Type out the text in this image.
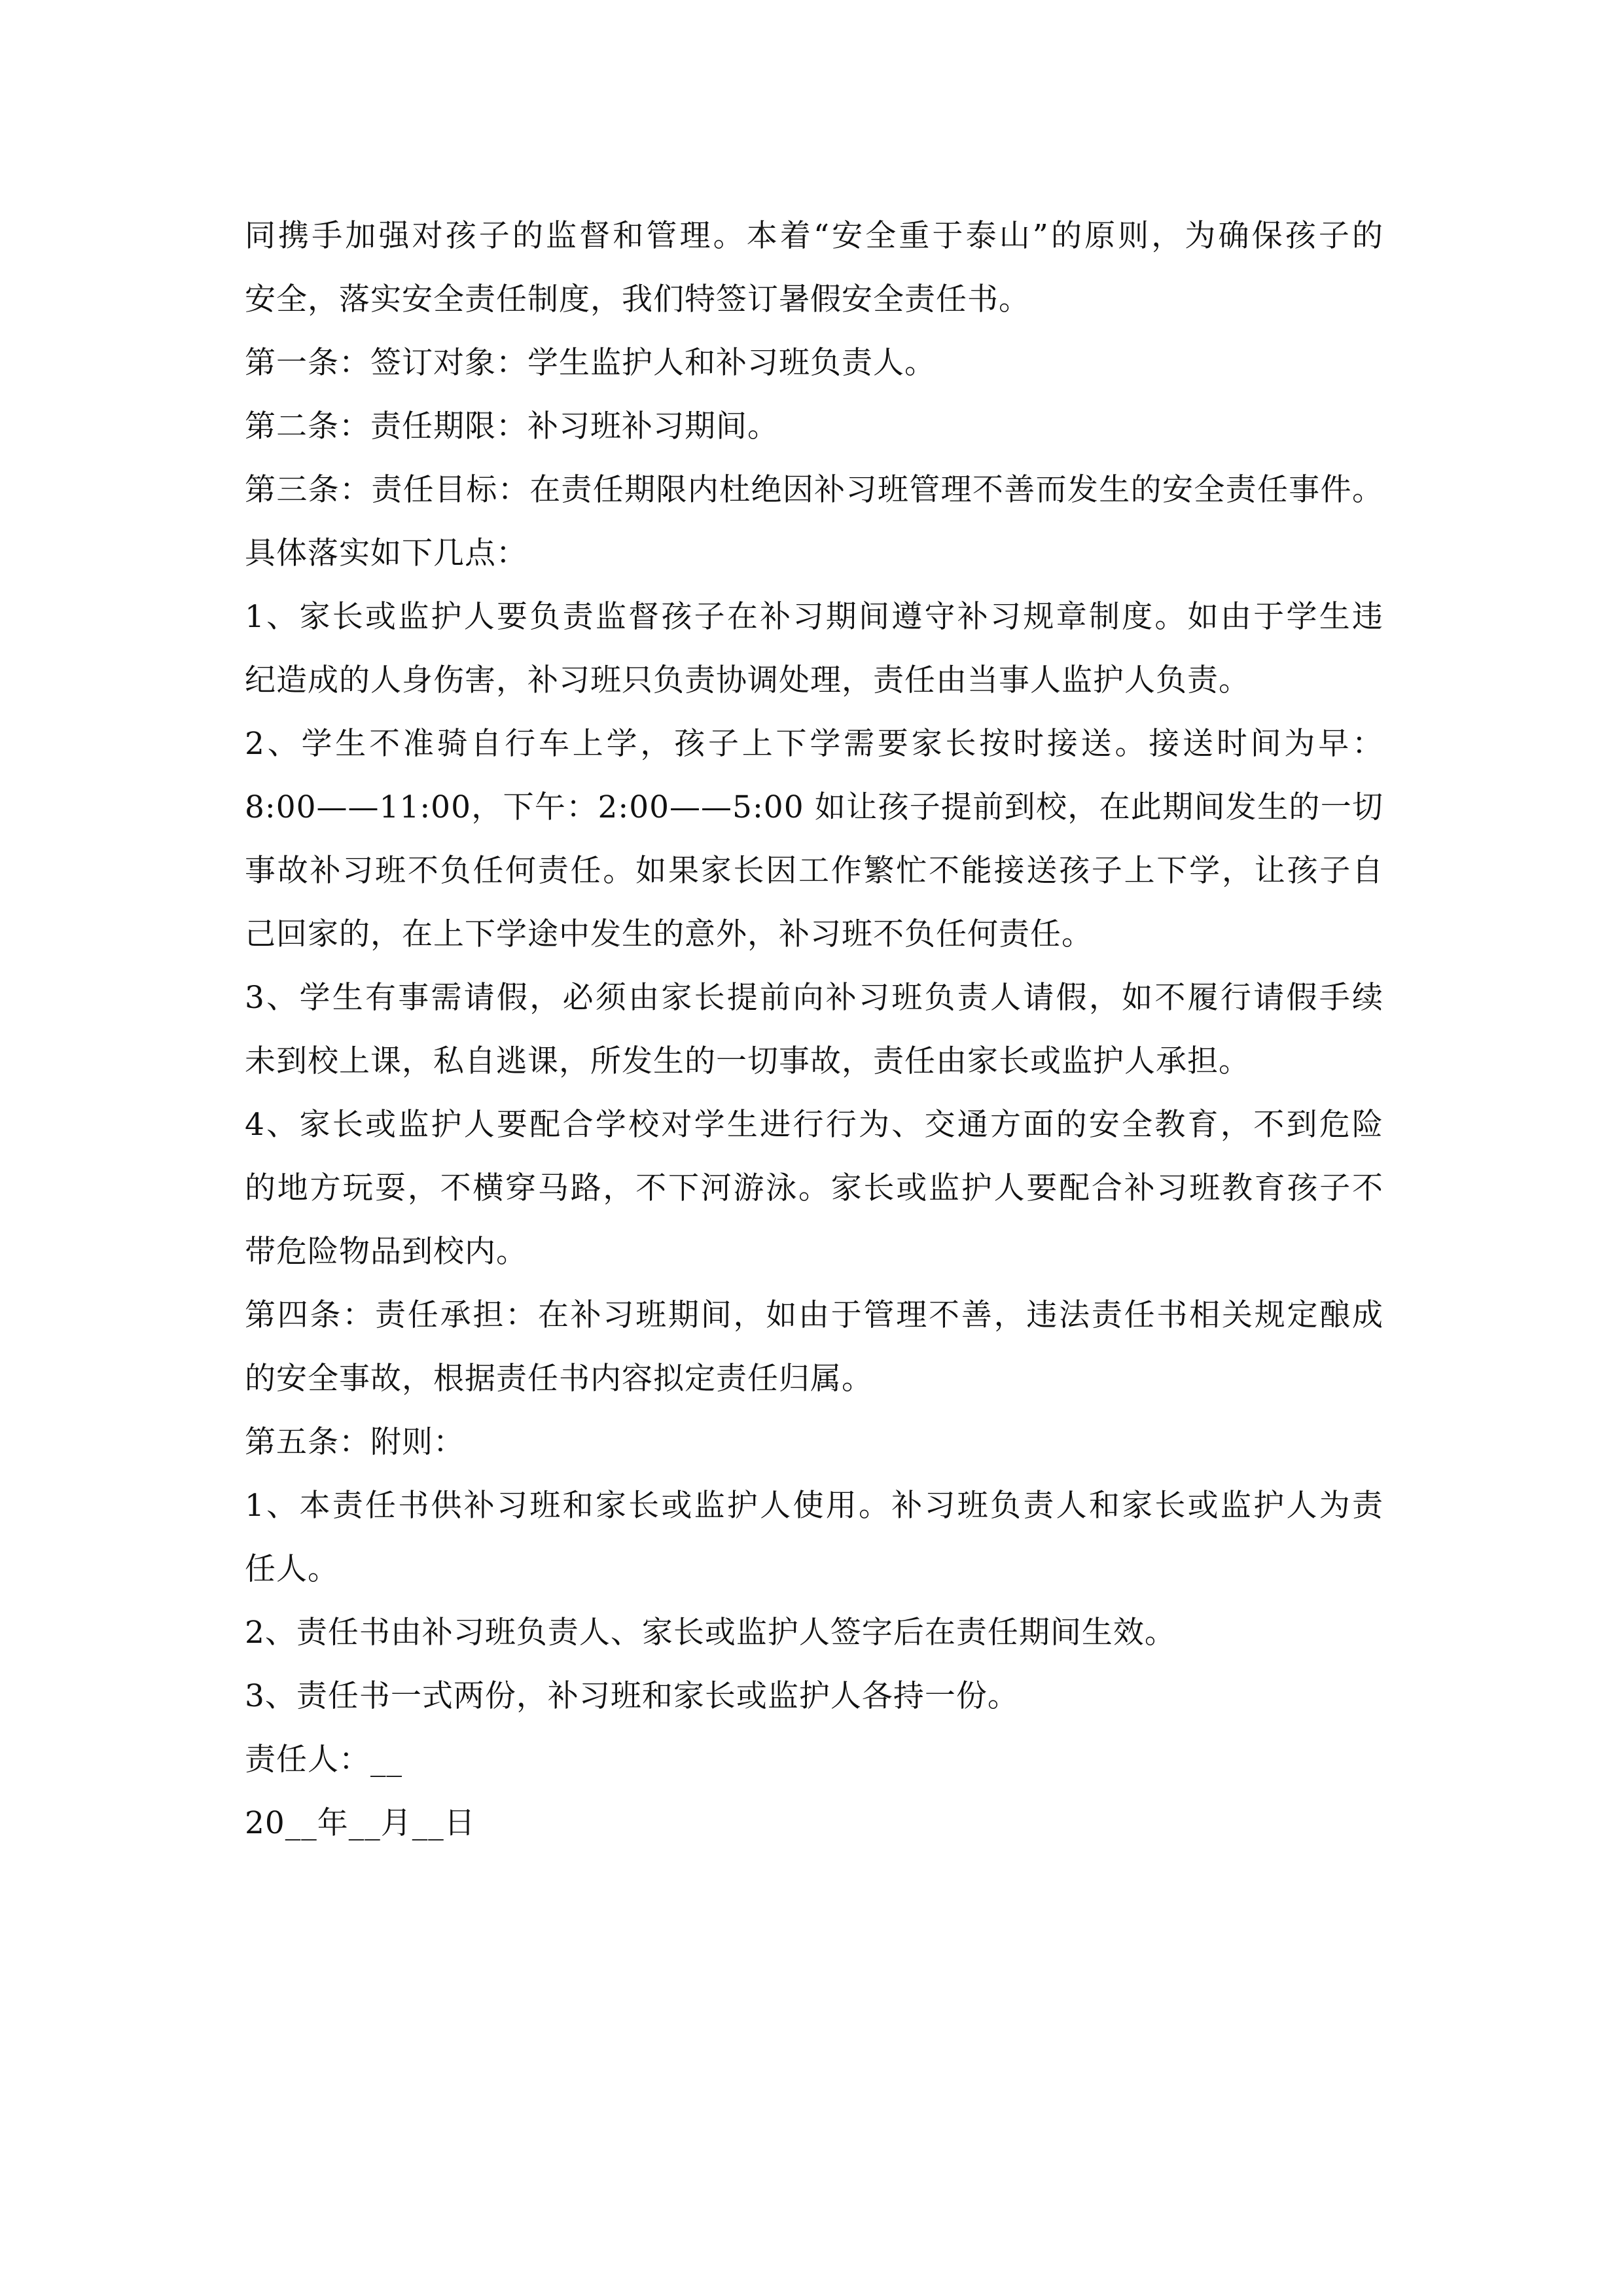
同携手加强对孩子的监督和管理。本着“安全重于泰山”的原则，为确保孩子的
安全，落实安全责任制度，我们特签订暑假安全责任书。
第一条：签订对象：学生监护人和补习班负责人。
第二条：责任期限：补习班补习期间。
第三条：责任目标：在责任期限内杜绝因补习班管理不善而发生的安全责任事件。
具体落实如下几点：
1、家长或监护人要负责监督孩子在补习期间遵守补习规章制度。如由于学生违
纪造成的人身伤害，补习班只负责协调处理，责任由当事人监护人负责。
2、学生不准骑自行车上学，孩子上下学需要家长按时接送。接送时间为早：
8:00——11:00，下午：2:00——5:00 如让孩子提前到校，在此期间发生的一切
事故补习班不负任何责任。如果家长因工作繁忙不能接送孩子上下学，让孩子自
己回家的，在上下学途中发生的意外，补习班不负任何责任。
3、学生有事需请假，必须由家长提前向补习班负责人请假，如不履行请假手续
未到校上课，私自逃课，所发生的一切事故，责任由家长或监护人承担。
4、家长或监护人要配合学校对学生进行行为、交通方面的安全教育，不到危险
的地方玩耍，不横穿马路，不下河游泳。家长或监护人要配合补习班教育孩子不
带危险物品到校内。
第四条：责任承担：在补习班期间，如由于管理不善，违法责任书相关规定酿成
的安全事故，根据责任书内容拟定责任归属。
第五条：附则：
1、本责任书供补习班和家长或监护人使用。补习班负责人和家长或监护人为责
任人。
2、责任书由补习班负责人、家长或监护人签字后在责任期间生效。
3、责任书一式两份，补习班和家长或监护人各持一份。
责任人：__
20__年__月__日
